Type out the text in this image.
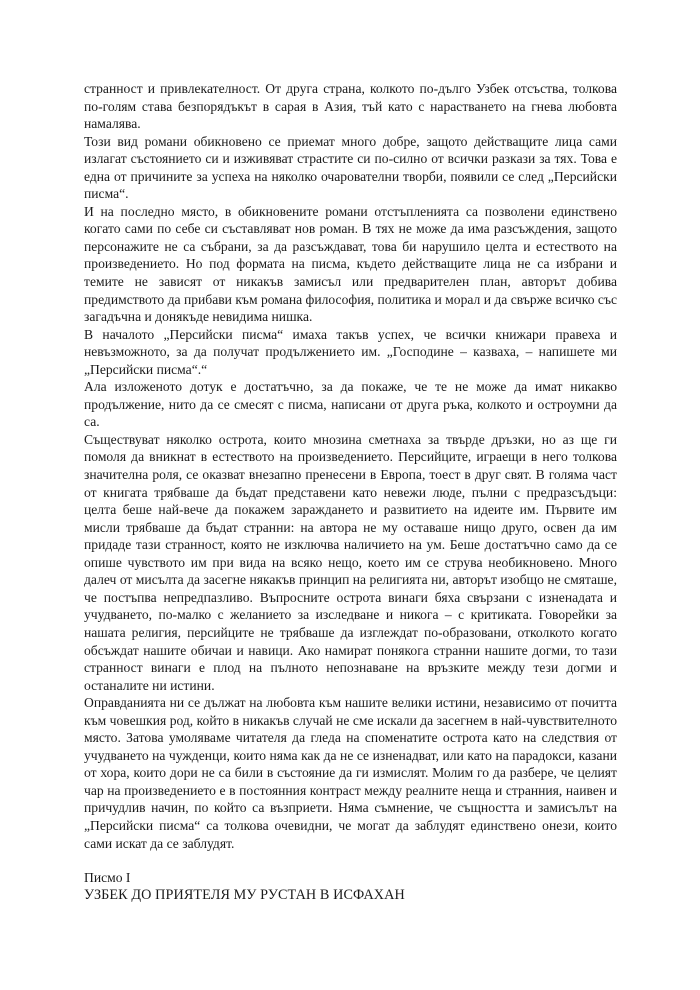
странност и привлекателност. От друга страна, колкото по-дълго Узбек отсъства, толкова по-голям става безпорядъкът в сарая в Азия, тъй като с нарастването на гнева любовта намалява.

Този вид романи обикновено се приемат много добре, защото действащите лица сами излагат състоянието си и изживяват страстите си по-силно от всички разкази за тях. Това е една от причините за успеха на няколко очарователни творби, появили се след „Персийски писма“.

И на последно място, в обикновените романи отстъпленията са позволени единствено когато сами по себе си съставляват нов роман. В тях не може да има разсъждения, защото персонажите не са събрани, за да разсъждават, това би нарушило целта и естеството на произведението. Но под формата на писма, където действащите лица не са избрани и темите не зависят от никакъв замисъл или предварителен план, авторът добива предимството да прибави към романа философия, политика и морал и да свърже всичко със загадъчна и донякъде невидима нишка.

В началото „Персийски писма“ имаха такъв успех, че всички книжари правеха и невъзможното, за да получат продължението им. „Господине – казваха, – напишете ми „Персийски писма“.“

Ала изложеното дотук е достатъчно, за да покаже, че те не може да имат никакво продължение, нито да се смесят с писма, написани от друга ръка, колкото и остроумни да са.

Съществуват няколко острота, които мнозина сметнаха за твърде дръзки, но аз ще ги помоля да вникнат в естеството на произведението. Персийците, играещи в него толкова значителна роля, се оказват внезапно пренесени в Европа, тоест в друг свят. В голяма част от книгата трябваше да бъдат представени като невежи люде, пълни с предразсъдъци: целта беше най-вече да покажем зараждането и развитието на идеите им. Първите им мисли трябваше да бъдат странни: на автора не му оставаше нищо друго, освен да им придаде тази странност, която не изключва наличието на ум. Беше достатъчно само да се опише чувството им при вида на всяко нещо, което им се струва необикновено. Много далеч от мисълта да засегне някакъв принцип на религията ни, авторът изобщо не смяташе, че постъпва непредпазливо. Въпросните острота винаги бяха свързани с изненадата и учудването, по-малко с желанието за изследване и никога – с критиката. Говорейки за нашата религия, персийците не трябваше да изглеждат по-образовани, отколкото когато обсъждат нашите обичаи и навици. Ако намират понякога странни нашите догми, то тази странност винаги е плод на пълното непознаване на връзките между тези догми и останалите ни истини.

Оправданията ни се дължат на любовта към нашите велики истини, независимо от почитта към човешкия род, който в никакъв случай не сме искали да засегнем в най-чувствителното място. Затова умоляваме читателя да гледа на споменатите острота като на следствия от учудването на чужденци, които няма как да не се изненадват, или като на парадокси, казани от хора, които дори не са били в състояние да ги измислят. Молим го да разбере, че целият чар на произведението е в постоянния контраст между реалните неща и странния, наивен и причудлив начин, по който са възприети. Няма съмнение, че същността и замисълът на „Персийски писма“ са толкова очевидни, че могат да заблудят единствено онези, които сами искат да се заблудят.

Писмо I

УЗБЕК ДО ПРИЯТЕЛЯ МУ РУСТАН В ИСФАХАН
